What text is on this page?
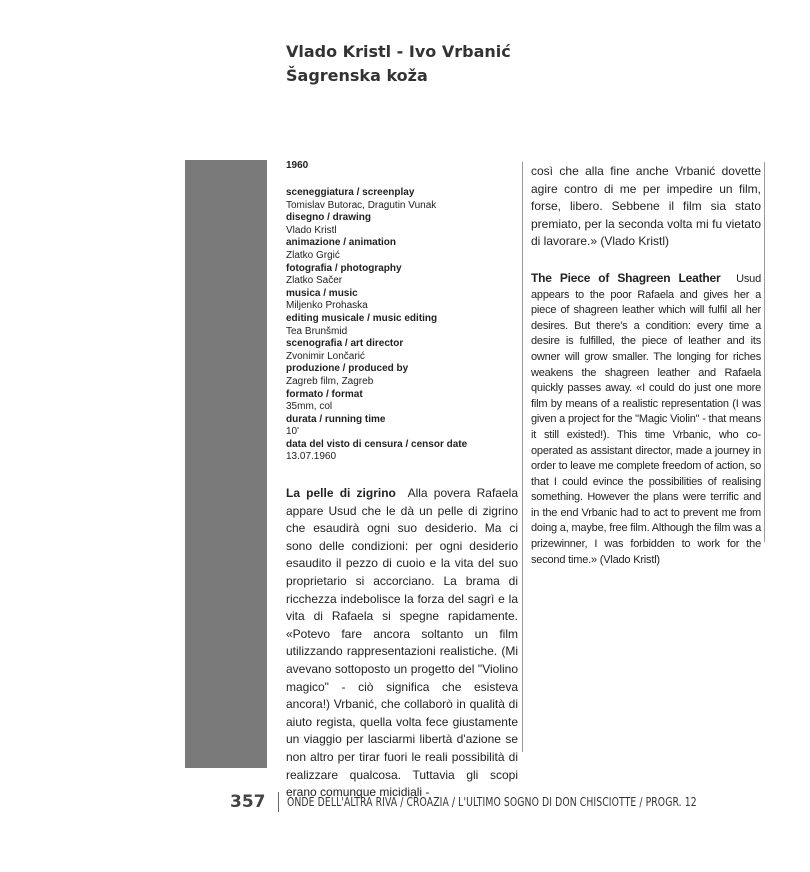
Vlado Kristl - Ivo Vrbanić
Šagrenska koža
1960
sceneggiatura / screenplay
Tomislav Butorac, Dragutin Vunak
disegno / drawing
Vlado Kristl
animazione / animation
Zlatko Grgić
fotografia / photography
Zlatko Sačer
musica / music
Miljenko Prohaska
editing musicale / music editing
Tea Brunšmid
scenografia / art director
Zvonimir Lončarić
produzione / produced by
Zagreb film, Zagreb
formato / format
35mm, col
durata / running time
10'
data del visto di censura / censor date
13.07.1960

La pelle di zigrino Alla povera Rafaela appare Usud che le dà un pelle di zigrino che esaudirà ogni suo desiderio. Ma ci sono delle condizioni: per ogni desiderio esaudito il pezzo di cuoio e la vita del suo proprietario si accorciano. La brama di ricchezza indebolisce la forza del sagrì e la vita di Rafaela si spegne rapidamente. «Potevo fare ancora soltanto un film utilizzando rappresentazioni realistiche. (Mi avevano sottoposto un progetto del "Violino magico" - ciò significa che esisteva ancora!) Vrbanić, che collaborò in qualità di aiuto regista, quella volta fece giustamente un viaggio per lasciarmi libertà d'azione se non altro per tirar fuori le reali possibilità di realizzare qualcosa. Tuttavia gli scopi erano comunque micidiali -

così che alla fine anche Vrbanić dovette agire contro di me per impedire un film, forse, libero. Sebbene il film sia stato premiato, per la seconda volta mi fu vietato di lavorare.» (Vlado Kristl)

The Piece of Shagreen Leather Usud appears to the poor Rafaela and gives her a piece of shagreen leather which will fulfil all her desires. But there's a condition: every time a desire is fulfilled, the piece of leather and its owner will grow smaller. The longing for riches weakens the shagreen leather and Rafaela quickly passes away. «I could do just one more film by means of a realistic representation (I was given a project for the "Magic Violin" - that means it still existed!). This time Vrbanic, who co-operated as assistant director, made a journey in order to leave me complete freedom of action, so that I could evince the possibilities of realising something. However the plans were terrific and in the end Vrbanic had to act to prevent me from doing a, maybe, free film. Although the film was a prizewinner, I was forbidden to work for the second time.» (Vlado Kristl)

357	ONDE DELL'ALTRA RIVA / CROAZIA / L'ULTIMO SOGNO DI DON CHISCIOTTE / PROGR. 12
